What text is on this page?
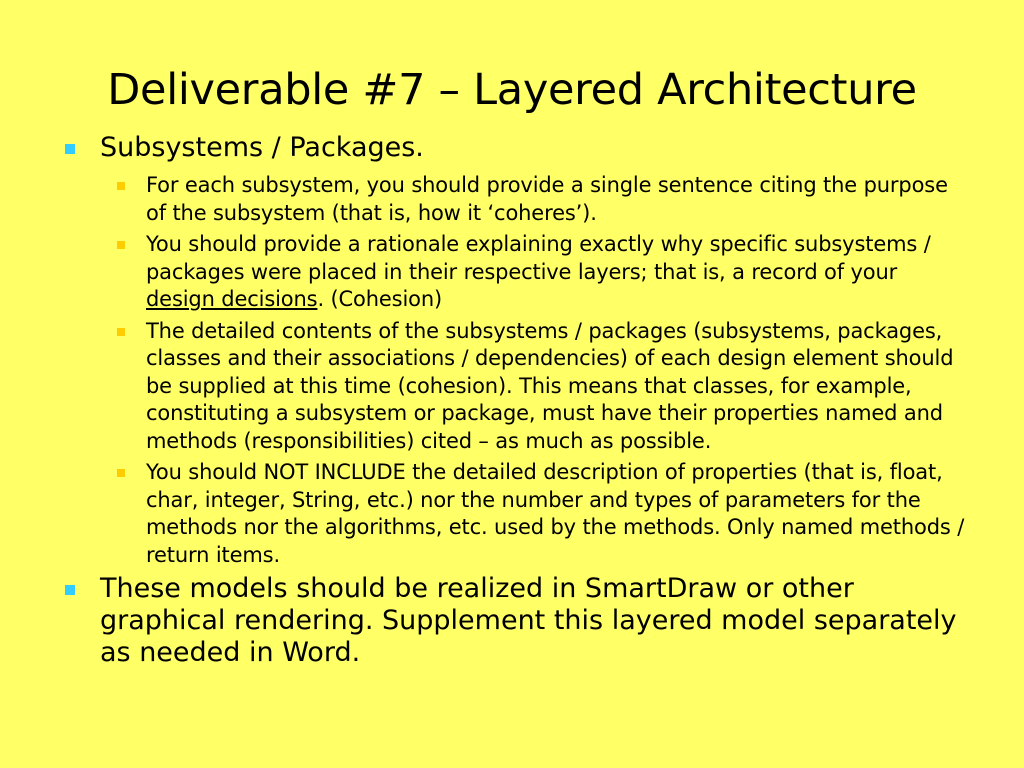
Deliverable #7 – Layered Architecture
Subsystems / Packages.
For each subsystem, you should provide a single sentence citing the purpose of the subsystem (that is, how it ‘coheres’).
You should provide a rationale explaining exactly why specific subsystems / packages were placed in their respective layers; that is, a record of your design decisions. (Cohesion)
The detailed contents of the subsystems / packages (subsystems, packages, classes and their associations / dependencies) of each design element should be supplied at this time (cohesion). This means that classes, for example, constituting a subsystem or package, must have their properties named and methods (responsibilities) cited – as much as possible.
You should NOT INCLUDE the detailed description of properties (that is, float, char, integer, String, etc.) nor the number and types of parameters for the methods nor the algorithms, etc. used by the methods. Only named methods / return items.
These models should be realized in SmartDraw or other graphical rendering. Supplement this layered model separately as needed in Word.
